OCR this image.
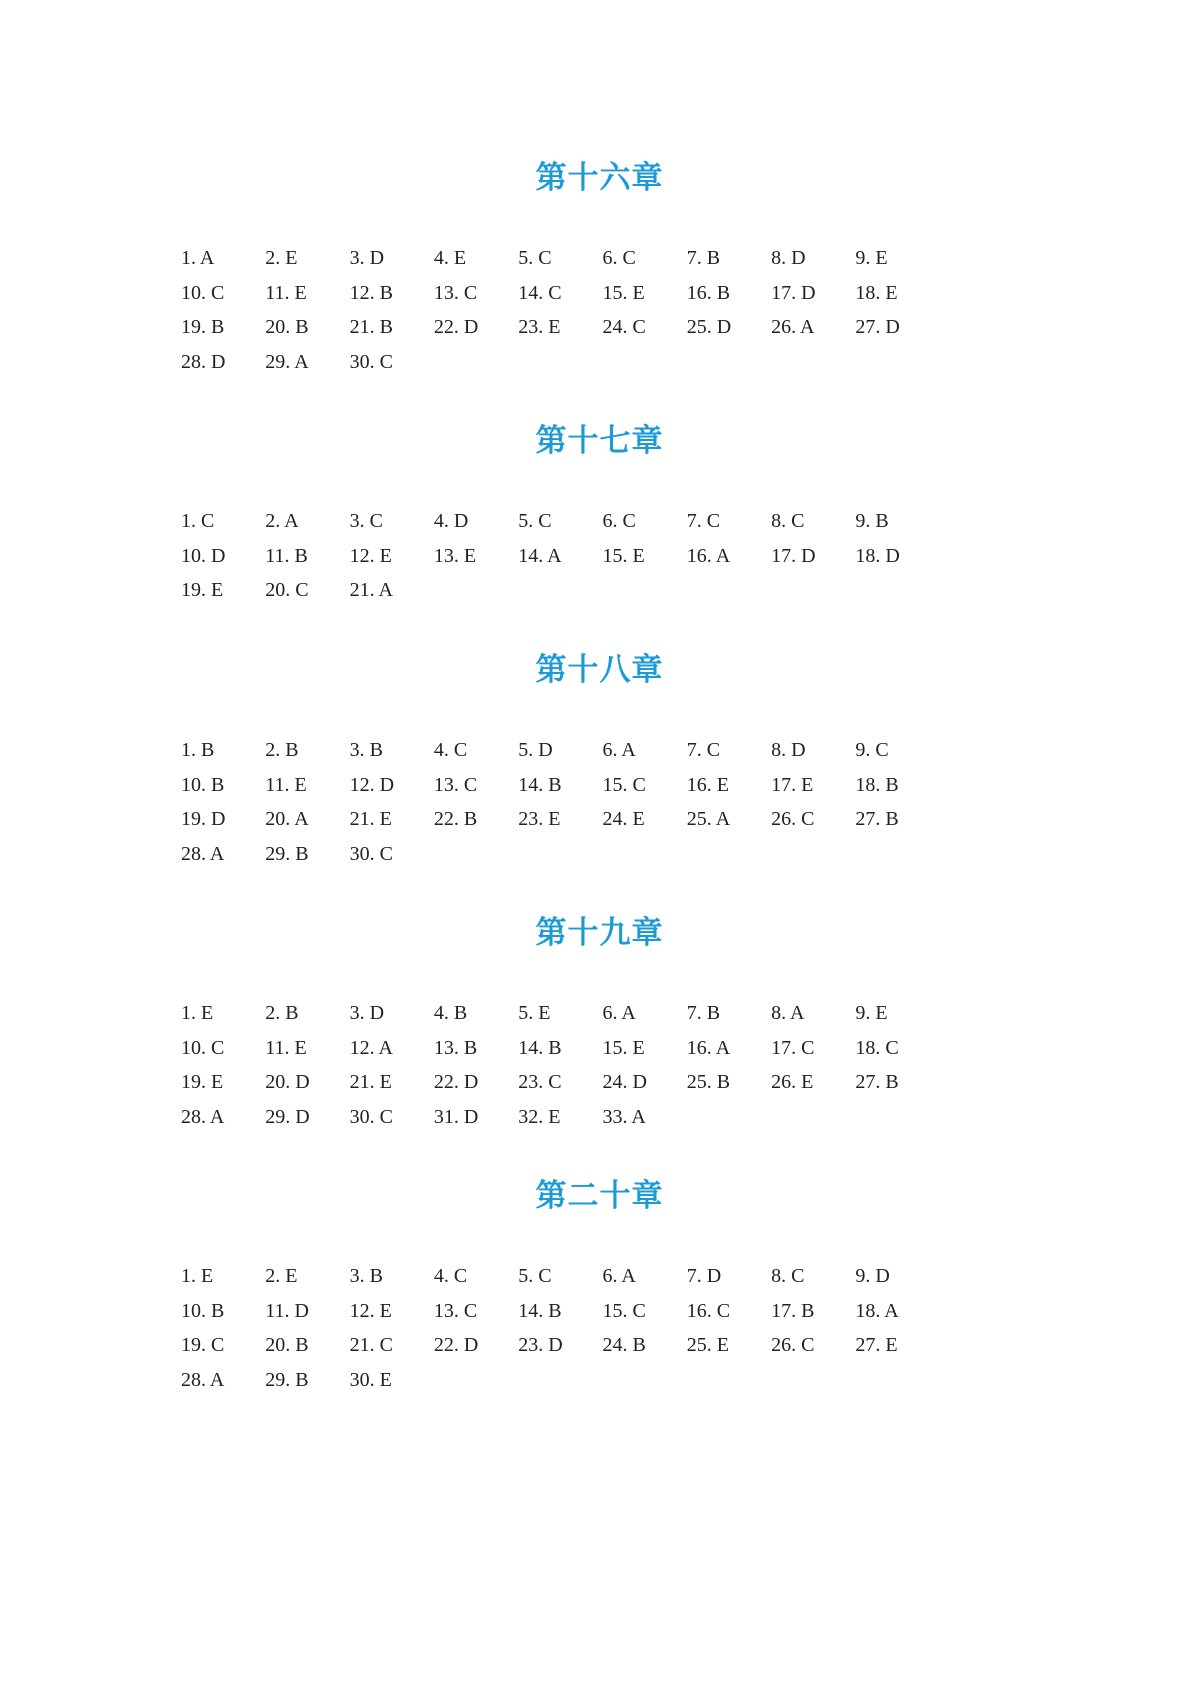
第十六章
1. A	2. E	3. D 4. E	5. C	6. C	7. B	8. D 9. E
10. C 11. E 12. B 13. C 14. C 15. E 16. B 17. D 18. E
19. B 20. B 21. B 22. D 23. E 24. C 25. D 26. A 27. D
28. D 29. A 30. C
第十七章
1. C	2. A	3. C	4. D 5. C	6. C	7. C	8. C	9. B
10. D 11. B 12. E 13. E 14. A 15. E 16. A 17. D 18. D
19. E 20. C 21. A
第十八章
1. B	2. B	3. B	4. C	5. D 6. A	7. C	8. D 9. C
10. B 11. E 12. D 13. C 14. B 15. C 16. E 17. E 18. B
19. D 20. A 21. E 22. B 23. E 24. E 25. A 26. C 27. B
28. A 29. B 30. C
第十九章
1. E	2. B	3. D 4. B	5. E	6. A	7. B	8. A	9. E
10. C 11. E 12. A 13. B 14. B 15. E 16. A 17. C 18. C
19. E 20. D 21. E 22. D 23. C 24. D 25. B 26. E 27. B
28. A 29. D 30. C 31. D 32. E 33. A
第二十章
1. E	2. E	3. B	4. C	5. C	6. A	7. D 8. C	9. D
10. B 11. D 12. E 13. C 14. B 15. C 16. C 17. B 18. A
19. C 20. B 21. C 22. D 23. D 24. B 25. E 26. C 27. E
28. A 29. B 30. E
